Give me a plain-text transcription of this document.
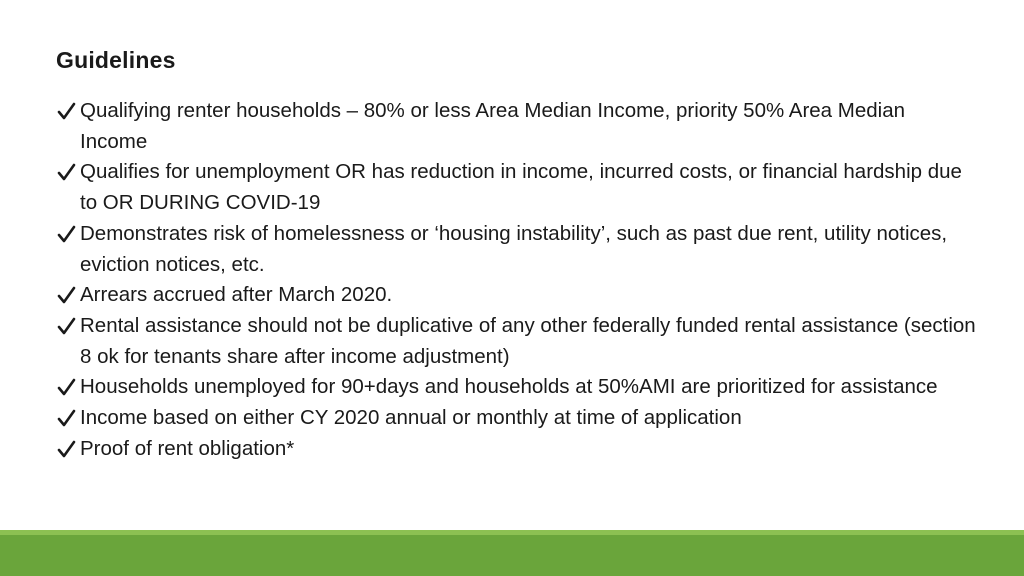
Guidelines
Qualifying renter households – 80% or less Area Median Income, priority 50% Area Median Income
Qualifies for unemployment OR has reduction in income, incurred costs, or financial hardship due to OR DURING COVID-19
Demonstrates risk of homelessness or ‘housing instability’, such as past due rent, utility notices, eviction notices, etc.
Arrears accrued after March 2020.
Rental assistance should not be duplicative of any other federally funded rental assistance (section 8 ok for tenants share after income adjustment)
Households unemployed for 90+days and households at 50%AMI are prioritized for assistance
Income based on either CY 2020 annual or monthly at time of application
Proof of rent obligation*
